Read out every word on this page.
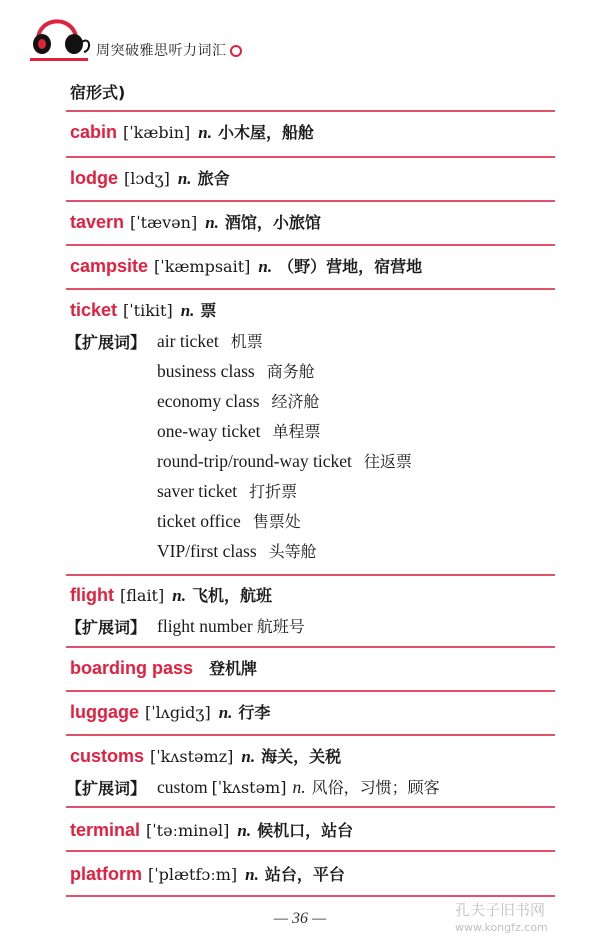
周突破雅思听力词汇
宿形式)
cabin [ˈkæbin] n. 小木屋，船舱
lodge [lɔdʒ] n. 旅舍
tavern [ˈtævən] n. 酒馆，小旅馆
campsite [ˈkæmpsait] n. （野）营地，宿营地
ticket [ˈtikit] n. 票
【扩展词】 air ticket 机票
business class 商务舱
economy class 经济舱
one-way ticket 单程票
round-trip/round-way ticket 往返票
saver ticket 打折票
ticket office 售票处
VIP/first class 头等舱
flight [flait] n. 飞机，航班
【扩展词】 flight number 航班号
boarding pass 登机牌
luggage [ˈlʌgidʒ] n. 行李
customs [ˈkʌstəmz] n. 海关，关税
【扩展词】 custom [ˈkʌstəm] n. 风俗，习惯；顾客
terminal [ˈtəːminəl] n. 候机口，站台
platform [ˈplætfɔːm] n. 站台，平台
— 36 —	孔夫子旧书网
www.kongfz.com
